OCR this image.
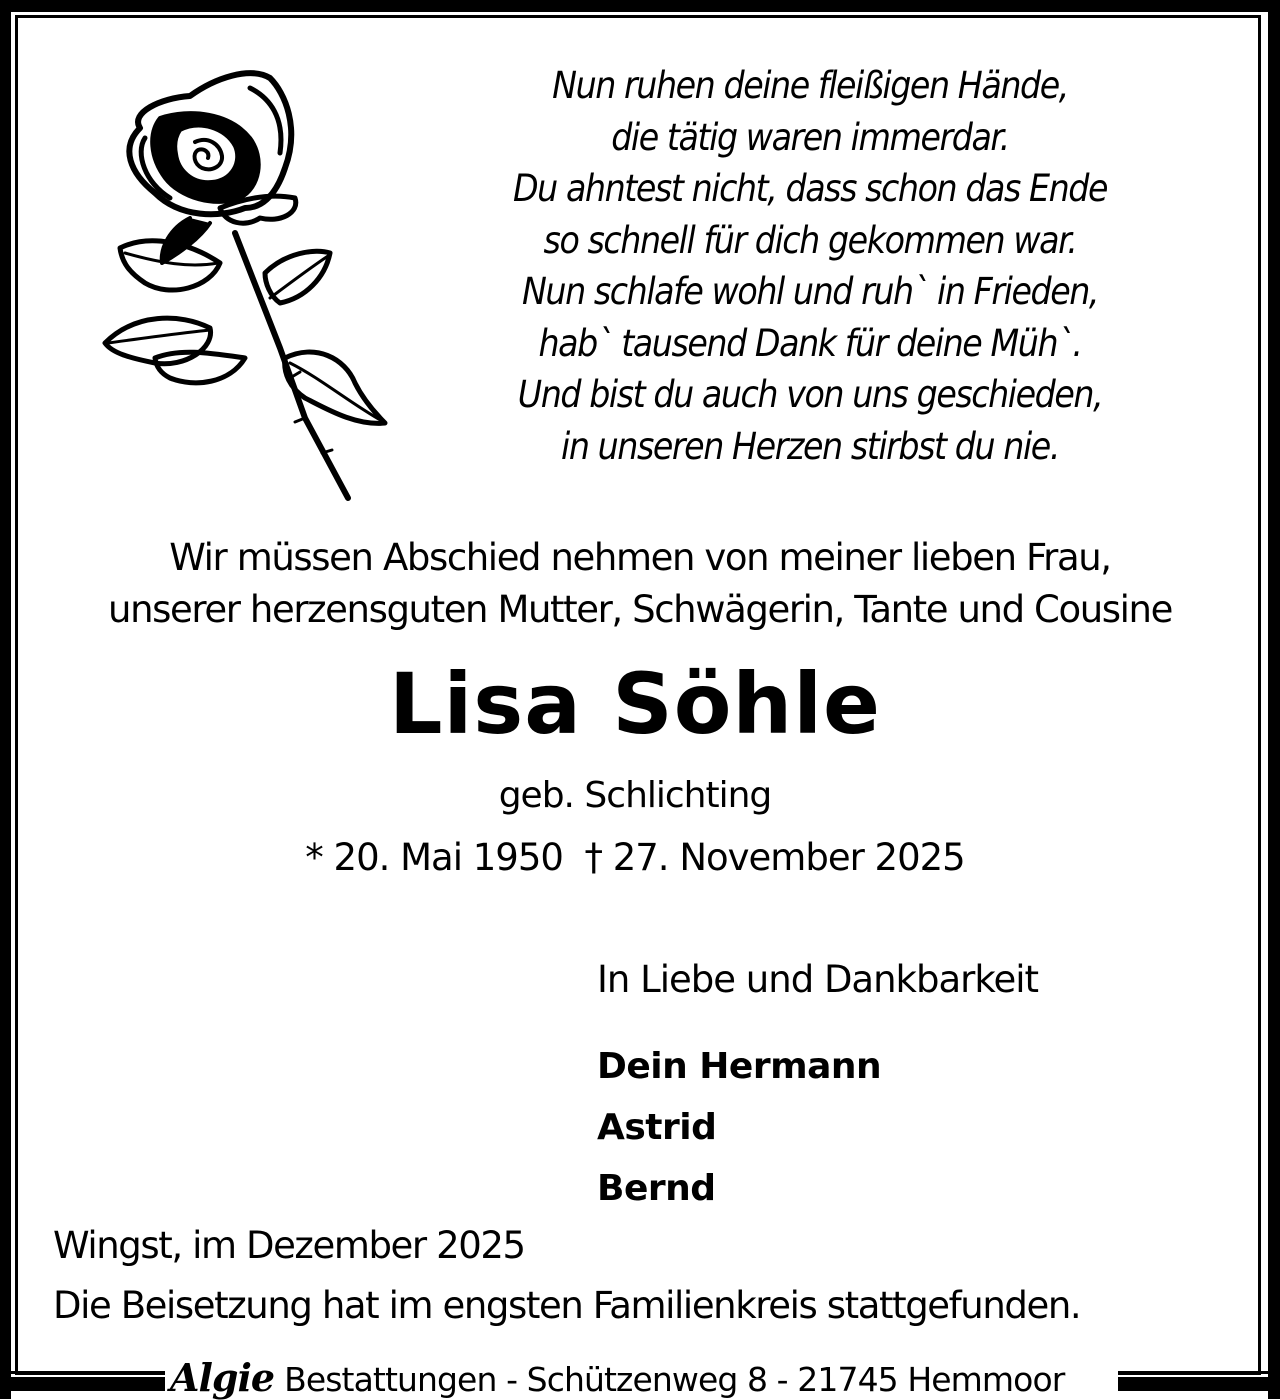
Nun ruhen deine fleißigen Hände,
die tätig waren immerdar.
Du ahntest nicht, dass schon das Ende
so schnell für dich gekommen war.
Nun schlafe wohl und ruh` in Frieden,
hab` tausend Dank für deine Müh`.
Und bist du auch von uns geschieden,
in unseren Herzen stirbst du nie.
Wir müssen Abschied nehmen von meiner lieben Frau,
unserer herzensguten Mutter, Schwägerin, Tante und Cousine
Lisa Söhle
geb. Schlichting
* 20. Mai 1950  † 27. November 2025
In Liebe und Dankbarkeit
Dein Hermann
Astrid
Bernd
Wingst, im Dezember 2025
Die Beisetzung hat im engsten Familienkreis stattgefunden.
Algie Bestattungen - Schützenweg 8 - 21745 Hemmoor
